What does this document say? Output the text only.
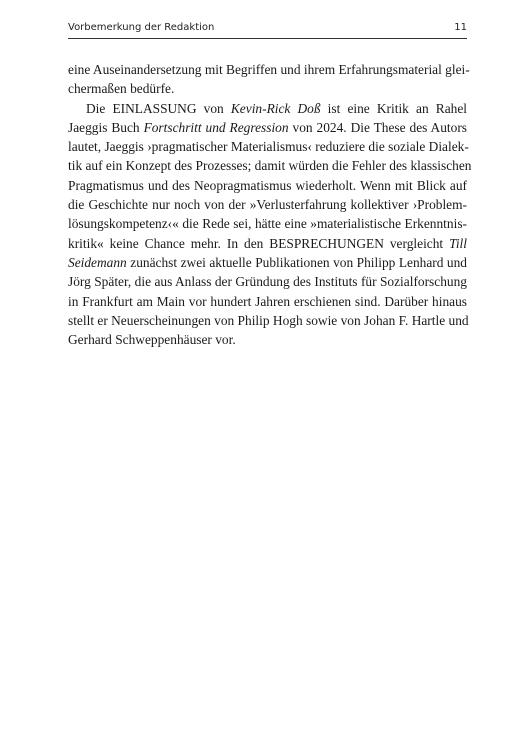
Vorbemerkung der Redaktion	11
eine Auseinandersetzung mit Begriffen und ihrem Erfahrungsmaterial glei-
chermaßen bedürfe.
Die EINLASSUNG von Kevin-Rick Doß ist eine Kritik an Rahel
Jaeggis Buch Fortschritt und Regression von 2024. Die These des Autors
lautet, Jaeggis ›pragmatischer Materialismus‹ reduziere die soziale Dialek-
tik auf ein Konzept des Prozesses; damit würden die Fehler des klassischen
Pragmatismus und des Neopragmatismus wiederholt. Wenn mit Blick auf
die Geschichte nur noch von der »Verlusterfahrung kollektiver ›Problem-
lösungskompetenz‹« die Rede sei, hätte eine »materialistische Erkenntnis-
kritik« keine Chance mehr. In den BESPRECHUNGEN vergleicht Till
Seidemann zunächst zwei aktuelle Publikationen von Philipp Lenhard und
Jörg Später, die aus Anlass der Gründung des Instituts für Sozialforschung
in Frankfurt am Main vor hundert Jahren erschienen sind. Darüber hinaus
stellt er Neuerscheinungen von Philip Hogh sowie von Johan F. Hartle und
Gerhard Schweppenhäuser vor.
